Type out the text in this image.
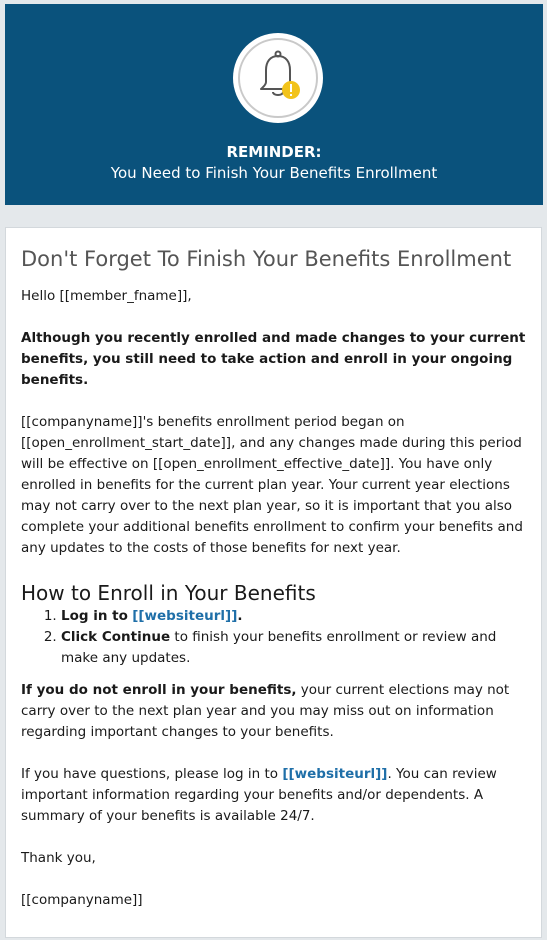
REMINDER:
You Need to Finish Your Benefits Enrollment
Don't Forget To Finish Your Benefits Enrollment

Hello [[member_fname]],

Although you recently enrolled and made changes to your current benefits, you still need to take action and enroll in your ongoing benefits.

[[companyname]]'s benefits enrollment period began on [[open_enrollment_start_date]], and any changes made during this period will be effective on [[open_enrollment_effective_date]]. You have only enrolled in benefits for the current plan year. Your current year elections may not carry over to the next plan year, so it is important that you also complete your additional benefits enrollment to confirm your benefits and any updates to the costs of those benefits for next year.

How to Enroll in Your Benefits
1. Log in to [[websiteurl]].
2. Click Continue to finish your benefits enrollment or review and make any updates.

If you do not enroll in your benefits, your current elections may not carry over to the next plan year and you may miss out on information regarding important changes to your benefits.

If you have questions, please log in to [[websiteurl]]. You can review important information regarding your benefits and/or dependents. A summary of your benefits is available 24/7.

Thank you,

[[companyname]]
